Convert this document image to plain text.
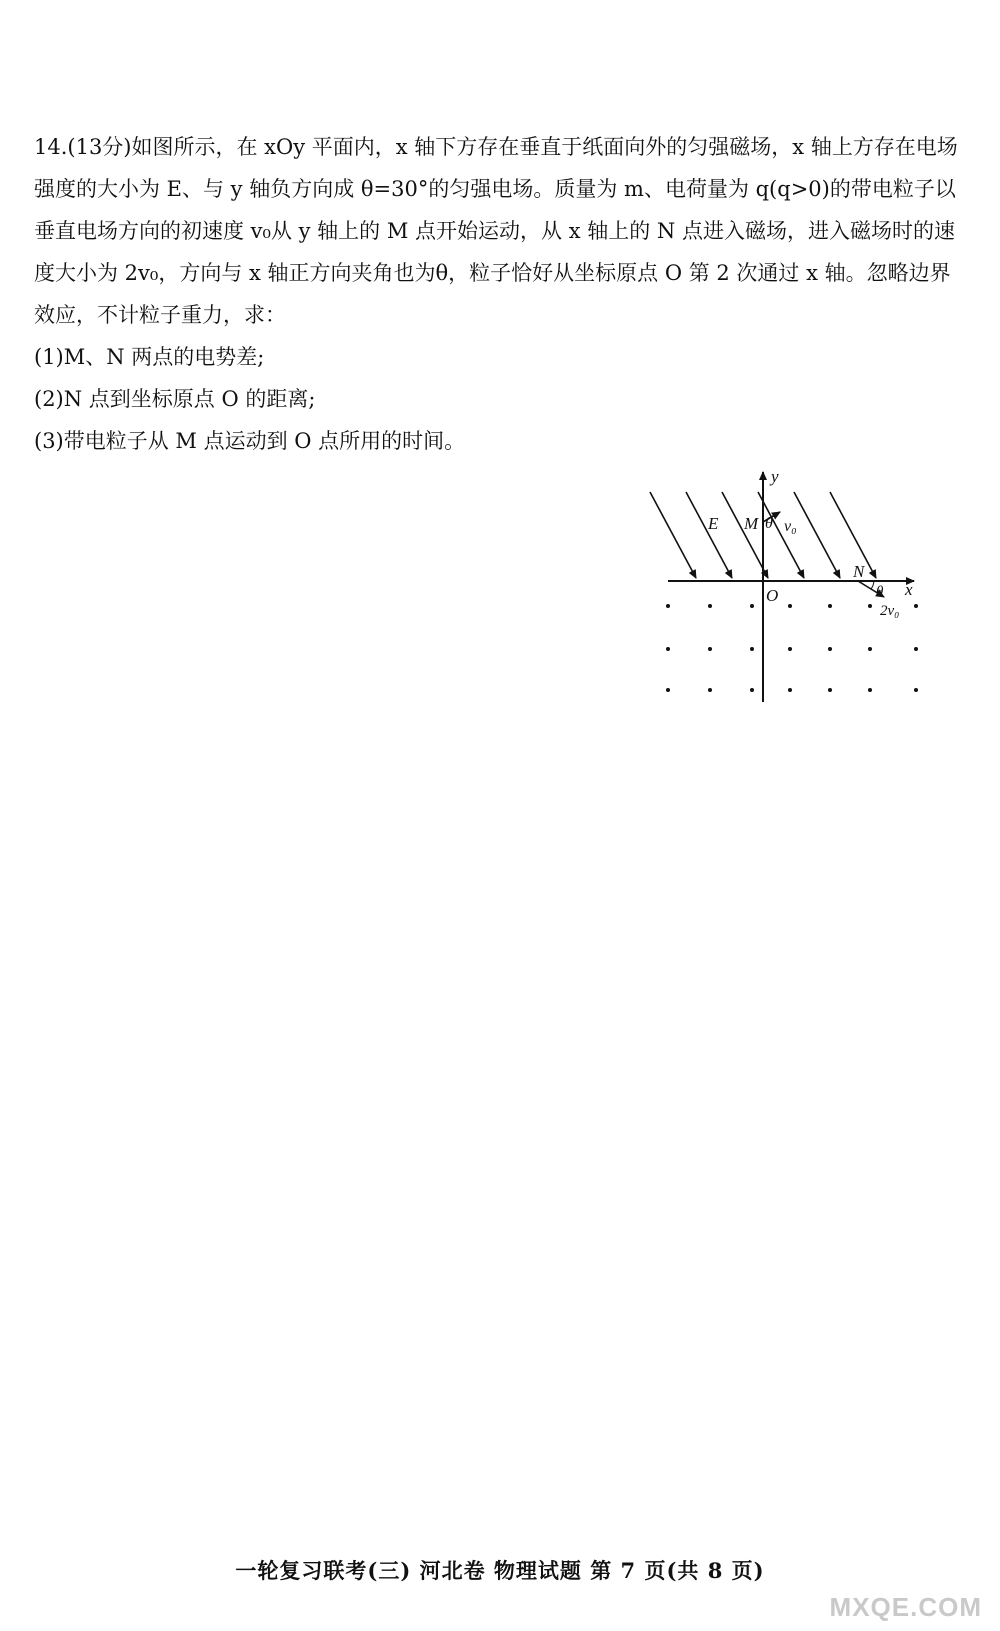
14.(13分)如图所示，在 xOy 平面内，x 轴下方存在垂直于纸面向外的匀强磁场，x 轴上方存在电场强度的大小为 E、与 y 轴负方向成 θ=30°的匀强电场。质量为 m、电荷量为 q(q>0)的带电粒子以垂直电场方向的初速度 v₀从 y 轴上的 M 点开始运动，从 x 轴上的 N 点进入磁场，进入磁场时的速度大小为 2v₀，方向与 x 轴正方向夹角也为θ，粒子恰好从坐标原点 O 第 2 次通过 x 轴。忽略边界效应，不计粒子重力，求：

(1)M、N 两点的电势差;

(2)N 点到坐标原点 O 的距离;

(3)带电粒子从 M 点运动到 O 点所用的时间。

y
x
O
E M θ v₀
N
θ
2v₀
一轮复习联考(三) 河北卷 物理试题 第 7 页(共 8 页)
MXQE.COM
